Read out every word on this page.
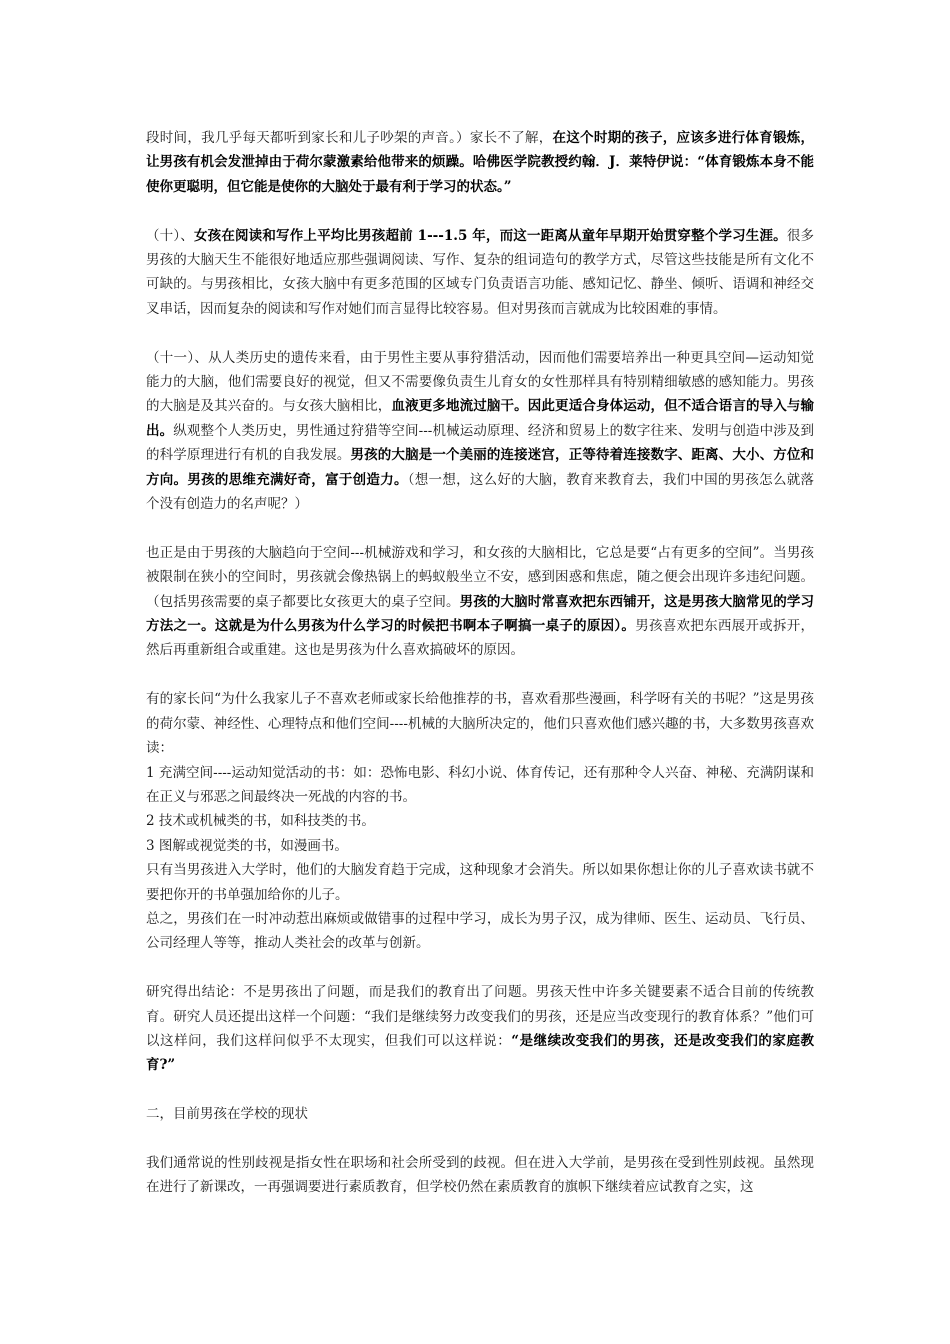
段时间，我几乎每天都听到家长和儿子吵架的声音。）家长不了解，在这个时期的孩子，应该多进行体育锻炼，让男孩有机会发泄掉由于荷尔蒙激素给他带来的烦躁。哈佛医学院教授约翰．J．莱特伊说：“体育锻炼本身不能使你更聪明，但它能是使你的大脑处于最有利于学习的状态。”

（十）、女孩在阅读和写作上平均比男孩超前 1---1.5 年，而这一距离从童年早期开始贯穿整个学习生涯。很多男孩的大脑天生不能很好地适应那些强调阅读、写作、复杂的组词造句的教学方式，尽管这些技能是所有文化不可缺的。与男孩相比，女孩大脑中有更多范围的区域专门负责语言功能、感知记忆、静坐、倾听、语调和神经交叉串话，因而复杂的阅读和写作对她们而言显得比较容易。但对男孩而言就成为比较困难的事情。

（十一）、从人类历史的遗传来看，由于男性主要从事狩猎活动，因而他们需要培养出一种更具空间—运动知觉能力的大脑，他们需要良好的视觉，但又不需要像负责生儿育女的女性那样具有特别精细敏感的感知能力。男孩的大脑是及其兴奋的。与女孩大脑相比，血液更多地流过脑干。因此更适合身体运动，但不适合语言的导入与输出。纵观整个人类历史，男性通过狩猎等空间---机械运动原理、经济和贸易上的数字往来、发明与创造中涉及到的科学原理进行有机的自我发展。男孩的大脑是一个美丽的连接迷宫，正等待着连接数字、距离、大小、方位和方向。男孩的思维充满好奇，富于创造力。（想一想，这么好的大脑，教育来教育去，我们中国的男孩怎么就落个没有创造力的名声呢？）

也正是由于男孩的大脑趋向于空间---机械游戏和学习，和女孩的大脑相比，它总是要“占有更多的空间”。当男孩被限制在狭小的空间时，男孩就会像热锅上的蚂蚁般坐立不安，感到困惑和焦虑，随之便会出现许多违纪问题。（包括男孩需要的桌子都要比女孩更大的桌子空间。男孩的大脑时常喜欢把东西铺开，这是男孩大脑常见的学习方法之一。这就是为什么男孩为什么学习的时候把书啊本子啊搞一桌子的原因）。男孩喜欢把东西展开或拆开，然后再重新组合或重建。这也是男孩为什么喜欢搞破坏的原因。

有的家长问“为什么我家儿子不喜欢老师或家长给他推荐的书，喜欢看那些漫画，科学呀有关的书呢？”这是男孩的荷尔蒙、神经性、心理特点和他们空间----机械的大脑所决定的，他们只喜欢他们感兴趣的书，大多数男孩喜欢读：

1 充满空间----运动知觉活动的书：如：恐怖电影、科幻小说、体育传记，还有那种令人兴奋、神秘、充满阴谋和在正义与邪恶之间最终决一死战的内容的书。

2 技术或机械类的书，如科技类的书。

3 图解或视觉类的书，如漫画书。

只有当男孩进入大学时，他们的大脑发育趋于完成，这种现象才会消失。所以如果你想让你的儿子喜欢读书就不要把你开的书单强加给你的儿子。

总之，男孩们在一时冲动惹出麻烦或做错事的过程中学习，成长为男子汉，成为律师、医生、运动员、飞行员、公司经理人等等，推动人类社会的改革与创新。

研究得出结论：不是男孩出了问题，而是我们的教育出了问题。男孩天性中许多关键要素不适合目前的传统教育。研究人员还提出这样一个问题：“我们是继续努力改变我们的男孩，还是应当改变现行的教育体系？”他们可以这样问，我们这样问似乎不太现实，但我们可以这样说：“是继续改变我们的男孩，还是改变我们的家庭教育?”

二，目前男孩在学校的现状

我们通常说的性别歧视是指女性在职场和社会所受到的歧视。但在进入大学前，是男孩在受到性别歧视。虽然现在进行了新课改，一再强调要进行素质教育，但学校仍然在素质教育的旗帜下继续着应试教育之实，这
